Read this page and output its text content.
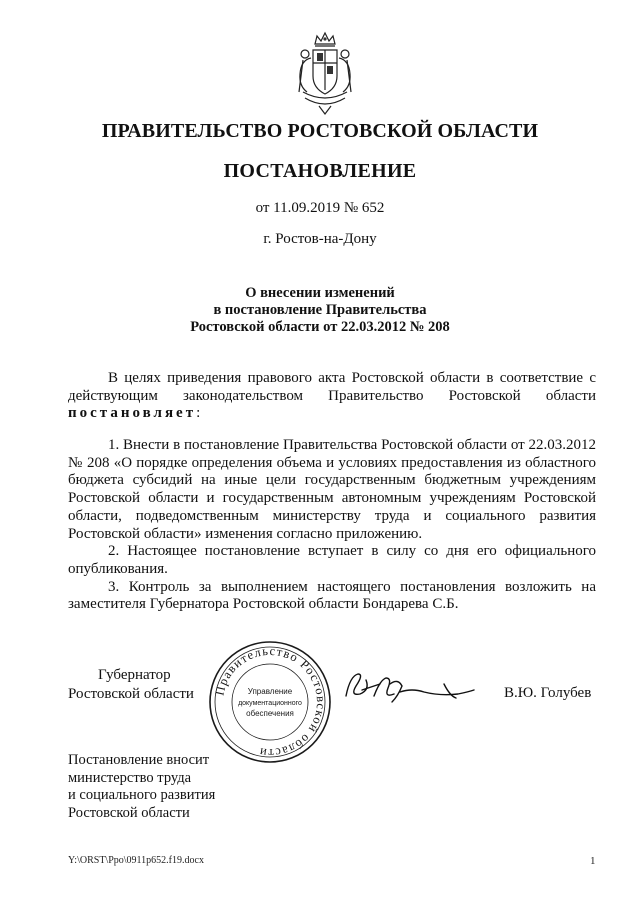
ПРАВИТЕЛЬСТВО РОСТОВСКОЙ ОБЛАСТИ
ПОСТАНОВЛЕНИЕ
от 11.09.2019 № 652
г. Ростов-на-Дону
О внесении изменений
в постановление Правительства
Ростовской области от 22.03.2012 № 208

В целях приведения правового акта Ростовской области в соответствие с действующим законодательством Правительство Ростовской области постановляет:

1. Внести в постановление Правительства Ростовской области от 22.03.2012 № 208 «О порядке определения объема и условиях предоставления из областного бюджета субсидий на иные цели государственным бюджетным учреждениям Ростовской области и государственным автономным учреждениям Ростовской области, подведомственным министерству труда и социального развития Ростовской области» изменения согласно приложению.

2. Настоящее постановление вступает в силу со дня его официального опубликования.

3. Контроль за выполнением настоящего постановления возложить на заместителя Губернатора Ростовской области Бондарева С.Б.

Губернатор
Ростовской области Правительство Ростовской области
Управление
документационного
обеспечения
В.Ю. Голубев
Постановление вносит
министерство труда
и социального развития
Ростовской области
Y:\ORST\Ppo\0911p652.f19.docx	1
